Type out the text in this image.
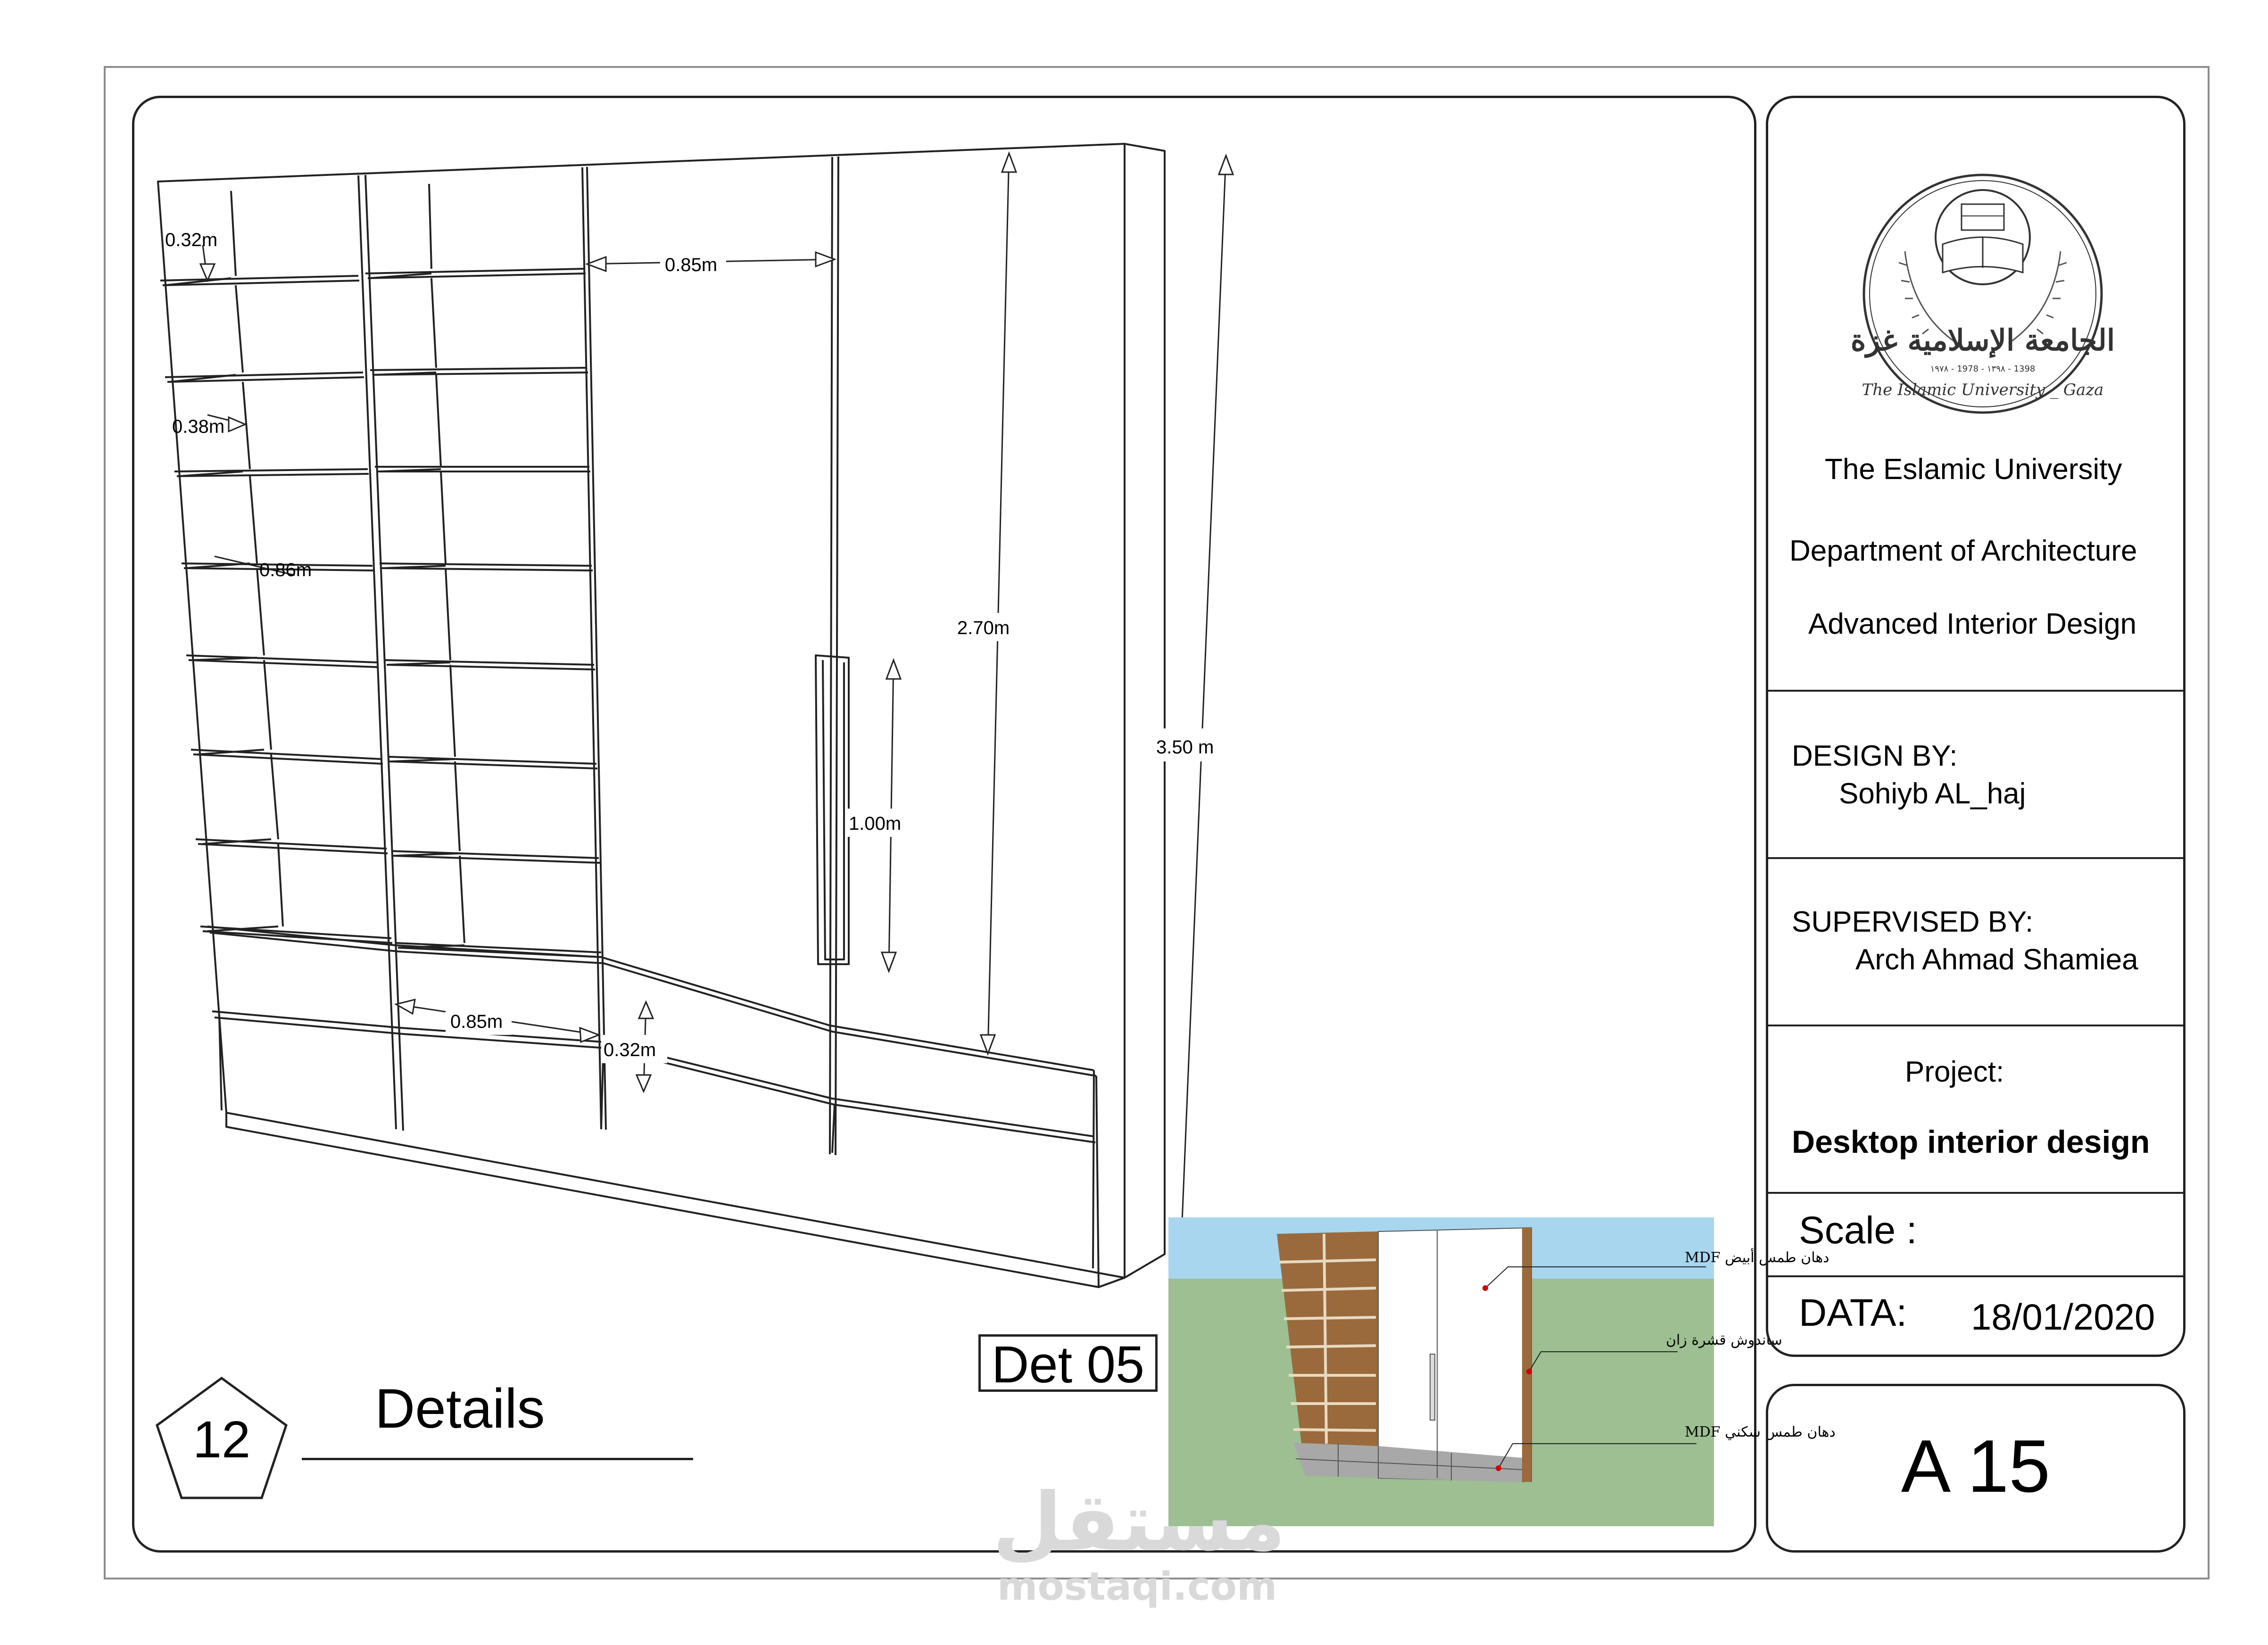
3.50 m
2.70m
1.00m
0.85m
0.32m
0.38m
0.86m
0.85m
0.32m
Det 05
12	Details
دهان طمس أبيض MDF
ساندوش قشرة زان
دهان طمس سكني MDF
مستقل
mostaqi.com
الجامعة الإسلامية غزة
١٩٧٨ - 1978 - ١٣٩٨ - 1398
The Islamic University _ Gaza
The Eslamic University
Department of Architecture
Advanced Interior Design
DESIGN BY:
Sohiyb AL_haj
SUPERVISED BY:
Arch Ahmad Shamiea
Project:
Desktop interior design
Scale :
DATA: 18/01/2020
A 15
